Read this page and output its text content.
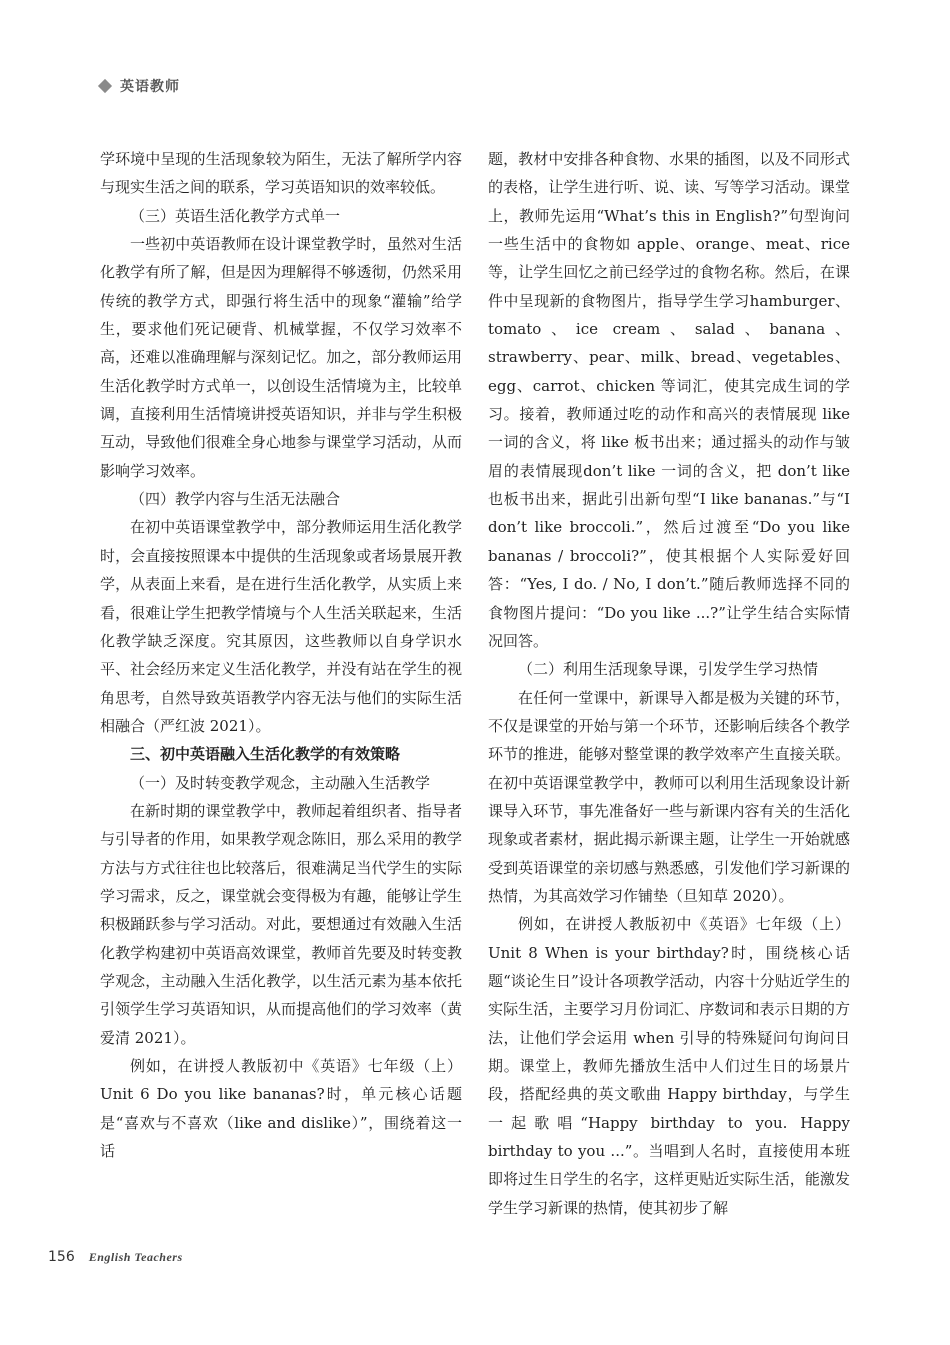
英语教师

学环境中呈现的生活现象较为陌生，无法了解所学内容与现实生活之间的联系，学习英语知识的效率较低。

（三）英语生活化教学方式单一

一些初中英语教师在设计课堂教学时，虽然对生活化教学有所了解，但是因为理解得不够透彻，仍然采用传统的教学方式，即强行将生活中的现象“灌输”给学生，要求他们死记硬背、机械掌握，不仅学习效率不高，还难以准确理解与深刻记忆。加之，部分教师运用生活化教学时方式单一，以创设生活情境为主，比较单调，直接利用生活情境讲授英语知识，并非与学生积极互动，导致他们很难全身心地参与课堂学习活动，从而影响学习效率。

（四）教学内容与生活无法融合

在初中英语课堂教学中，部分教师运用生活化教学时，会直接按照课本中提供的生活现象或者场景展开教学，从表面上来看，是在进行生活化教学，从实质上来看，很难让学生把教学情境与个人生活关联起来，生活化教学缺乏深度。究其原因，这些教师以自身学识水平、社会经历来定义生活化教学，并没有站在学生的视角思考，自然导致英语教学内容无法与他们的实际生活相融合（严红波 2021）。

三、初中英语融入生活化教学的有效策略

（一）及时转变教学观念，主动融入生活教学

在新时期的课堂教学中，教师起着组织者、指导者与引导者的作用，如果教学观念陈旧，那么采用的教学方法与方式往往也比较落后，很难满足当代学生的实际学习需求，反之，课堂就会变得极为有趣，能够让学生积极踊跃参与学习活动。对此，要想通过有效融入生活化教学构建初中英语高效课堂，教师首先要及时转变教学观念，主动融入生活化教学，以生活元素为基本依托引领学生学习英语知识，从而提高他们的学习效率（黄爱清 2021）。

例如，在讲授人教版初中《英语》七年级（上）Unit 6 Do you like bananas?时，单元核心话题是“喜欢与不喜欢（like and dislike）”，围绕着这一话

题，教材中安排各种食物、水果的插图，以及不同形式的表格，让学生进行听、说、读、写等学习活动。课堂上，教师先运用“What’s this in English?”句型询问一些生活中的食物如 apple、orange、meat、rice 等，让学生回忆之前已经学过的食物名称。然后，在课件中呈现新的食物图片，指导学生学习hamburger、tomato、ice cream、salad、banana、strawberry、pear、milk、bread、vegetables、egg、carrot、chicken 等词汇，使其完成生词的学习。接着，教师通过吃的动作和高兴的表情展现 like 一词的含义，将 like 板书出来；通过摇头的动作与皱眉的表情展现don’t like 一词的含义，把 don’t like 也板书出来，据此引出新句型“I like bananas.”与“I don’t like broccoli.”，然后过渡至“Do you like bananas / broccoli?”，使其根据个人实际爱好回答：“Yes, I do. / No, I don’t.”随后教师选择不同的食物图片提问：“Do you like ...?”让学生结合实际情况回答。

（二）利用生活现象导课，引发学生学习热情

在任何一堂课中，新课导入都是极为关键的环节，不仅是课堂的开始与第一个环节，还影响后续各个教学环节的推进，能够对整堂课的教学效率产生直接关联。在初中英语课堂教学中，教师可以利用生活现象设计新课导入环节，事先准备好一些与新课内容有关的生活化现象或者素材，据此揭示新课主题，让学生一开始就感受到英语课堂的亲切感与熟悉感，引发他们学习新课的热情，为其高效学习作铺垫（旦知草 2020）。

例如，在讲授人教版初中《英语》七年级（上）Unit 8 When is your birthday?时，围绕核心话题“谈论生日”设计各项教学活动，内容十分贴近学生的实际生活，主要学习月份词汇、序数词和表示日期的方法，让他们学会运用 when 引导的特殊疑问句询问日期。课堂上，教师先播放生活中人们过生日的场景片段，搭配经典的英文歌曲 Happy birthday，与学生一起歌唱“Happy birthday to you. Happy birthday to you ...”。当唱到人名时，直接使用本班即将过生日学生的名字，这样更贴近实际生活，能激发学生学习新课的热情，使其初步了解

156 English Teachers
